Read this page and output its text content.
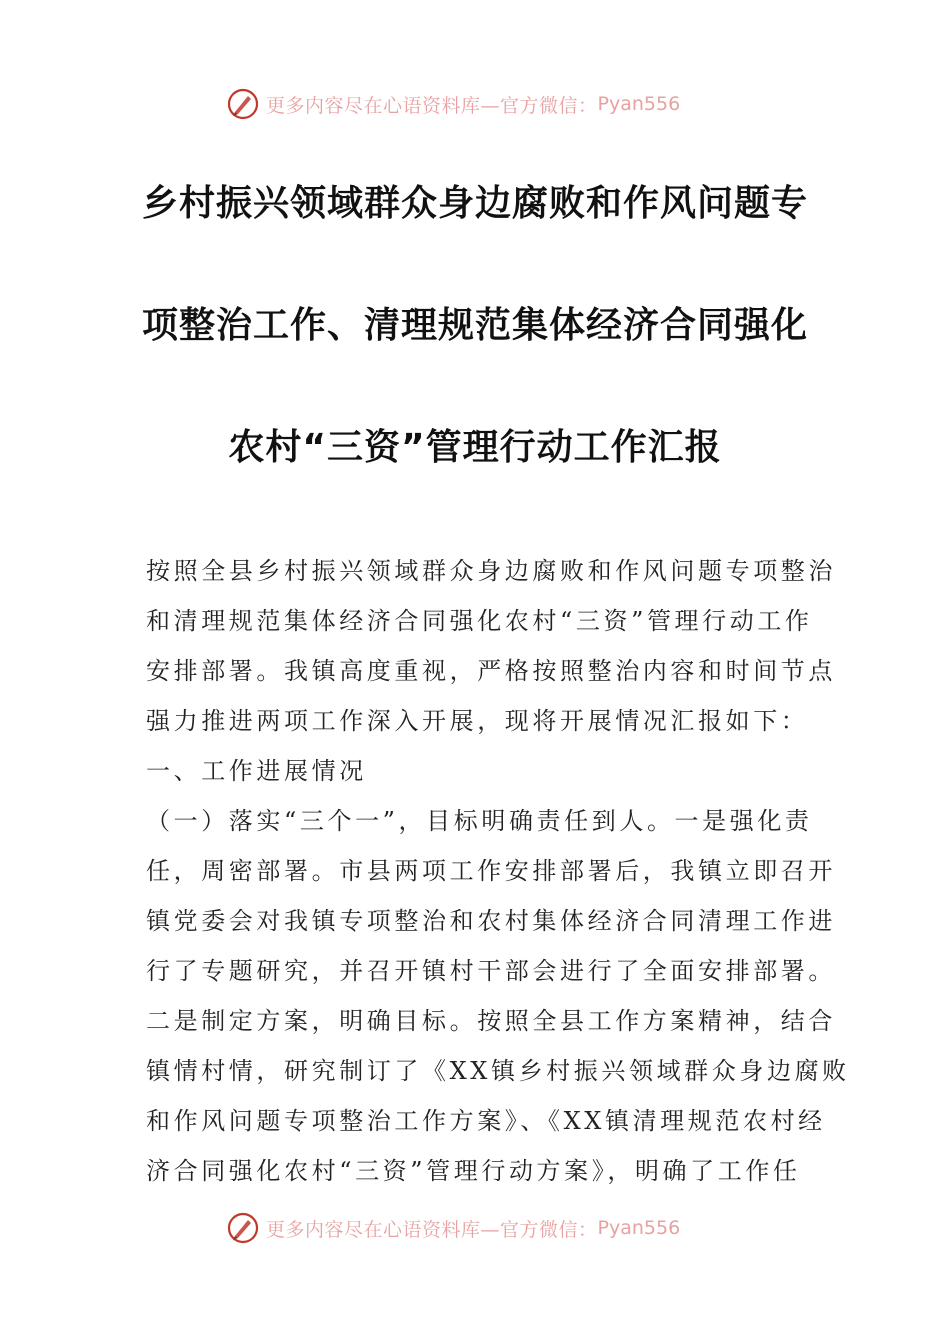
更多内容尽在心语资料库—官方微信： Pyan556
乡村振兴领域群众身边腐败和作风问题专
项整治工作、清理规范集体经济合同强化
农村“三资”管理行动工作汇报
按照全县乡村振兴领域群众身边腐败和作风问题专项整治
和清理规范集体经济合同强化农村“三资”管理行动工作
安排部署。我镇高度重视，严格按照整治内容和时间节点
强力推进两项工作深入开展，现将开展情况汇报如下：
一、工作进展情况
（一）落实“三个一”，目标明确责任到人。一是强化责
任，周密部署。市县两项工作安排部署后，我镇立即召开
镇党委会对我镇专项整治和农村集体经济合同清理工作进
行了专题研究，并召开镇村干部会进行了全面安排部署。
二是制定方案，明确目标。按照全县工作方案精神，结合
镇情村情，研究制订了《XX镇乡村振兴领域群众身边腐败
和作风问题专项整治工作方案》、《XX镇清理规范农村经
济合同强化农村“三资”管理行动方案》，明确了工作任
更多内容尽在心语资料库—官方微信： Pyan556
